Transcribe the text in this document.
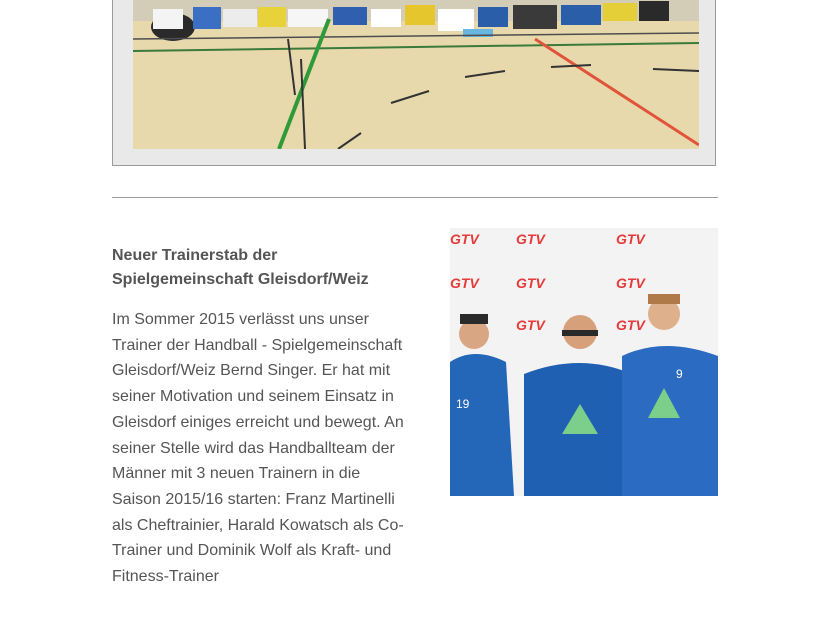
Neuer Trainerstab der Spielgemeinschaft Gleisdorf/Weiz

Im Sommer 2015 verlässt uns unser Trainer der Handball - Spielgemeinschaft Gleisdorf/Weiz Bernd Singer. Er hat mit seiner Motivation und seinem Einsatz in Gleisdorf einiges erreicht und bewegt. An seiner Stelle wird das Handballteam der Männer mit 3 neuen Trainern in die Saison 2015/16 starten: Franz Martinelli als Cheftrainier, Harald Kowatsch als Co-Trainer und Dominik Wolf als Kraft- und Fitness-Trainer

GTV	GTV	GTV
GTV	GTV	GTV
GTV	GTV
19
9
